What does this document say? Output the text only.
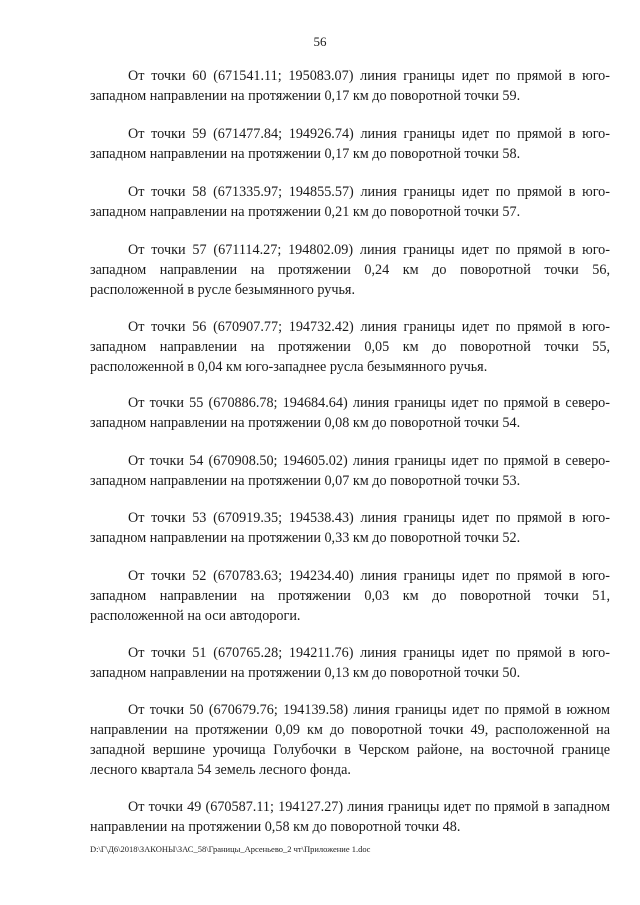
56

От точки 60 (671541.11; 195083.07) линия границы идет по прямой в юго-западном направлении на протяжении 0,17 км до поворотной точки 59.

От точки 59 (671477.84; 194926.74) линия границы идет по прямой в юго-западном направлении на протяжении 0,17 км до поворотной точки 58.

От точки 58 (671335.97; 194855.57) линия границы идет по прямой в юго-западном направлении на протяжении 0,21 км до поворотной точки 57.

От точки 57 (671114.27; 194802.09) линия границы идет по прямой в юго-западном направлении на протяжении 0,24 км до поворотной точки 56, расположенной в русле безымянного ручья.

От точки 56 (670907.77; 194732.42) линия границы идет по прямой в юго-западном направлении на протяжении 0,05 км до поворотной точки 55, расположенной в 0,04 км юго-западнее русла безымянного ручья.

От точки 55 (670886.78; 194684.64) линия границы идет по прямой в северо-западном направлении на протяжении 0,08 км до поворотной точки 54.

От точки 54 (670908.50; 194605.02) линия границы идет по прямой в северо-западном направлении на протяжении 0,07 км до поворотной точки 53.

От точки 53 (670919.35; 194538.43) линия границы идет по прямой в юго-западном направлении на протяжении 0,33 км до поворотной точки 52.

От точки 52 (670783.63; 194234.40) линия границы идет по прямой в юго-западном направлении на протяжении 0,03 км до поворотной точки 51, расположенной на оси автодороги.

От точки 51 (670765.28; 194211.76) линия границы идет по прямой в юго-западном направлении на протяжении 0,13 км до поворотной точки 50.

От точки 50 (670679.76; 194139.58) линия границы идет по прямой в южном направлении на протяжении 0,09 км до поворотной точки 49, расположенной на западной вершине урочища Голубочки в Черском районе, на восточной границе лесного квартала 54 земель лесного фонда.

От точки 49 (670587.11; 194127.27) линия границы идет по прямой в западном направлении на протяжении 0,58 км до поворотной точки 48.

D:\Г\Д6\2018\ЗАКОНЫ\ЗАС_58\Границы_Арсеньево_2 чт\Приложение 1.doc
